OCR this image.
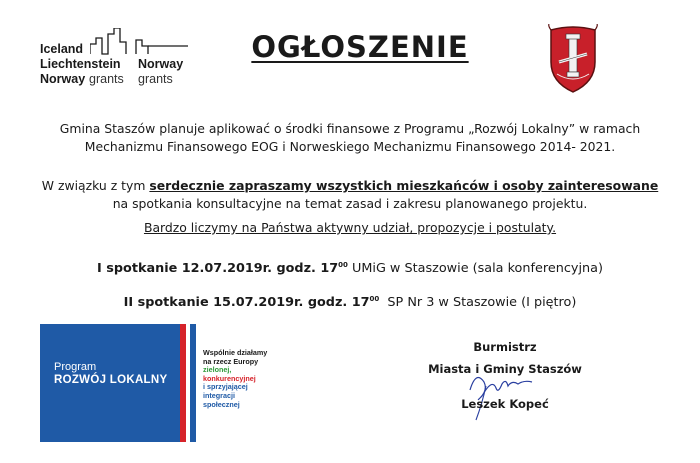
Iceland
Liechtenstein
Norway grants
Norway
grants
OGŁOSZENIE
Gmina Staszów planuje aplikować o środki finansowe z Programu „Rozwój Lokalny” w ramach
Mechanizmu Finansowego EOG i Norweskiego Mechanizmu Finansowego 2014- 2021.
W związku z tym serdecznie zapraszamy wszystkich mieszkańców i osoby zainteresowane
na spotkania konsultacyjne na temat zasad i zakresu planowanego projektu.
Bardzo liczymy na Państwa aktywny udział, propozycje i postulaty.
I spotkanie 12.07.2019r. godz. $17^{00}$ UMiG w Staszowie (sala konferencyjna)
II spotkanie 15.07.2019r. godz. $17^{00}$  SP Nr 3 w Staszowie (I piętro)
Program
ROZWÓJ LOKALNY
Wspólnie działamy
na rzecz Europy
zielonej,
konkurencyjnej
i sprzyjającej
integracji
społecznej
Burmistrz
Miasta i Gminy Staszów
Leszek Kopeć
